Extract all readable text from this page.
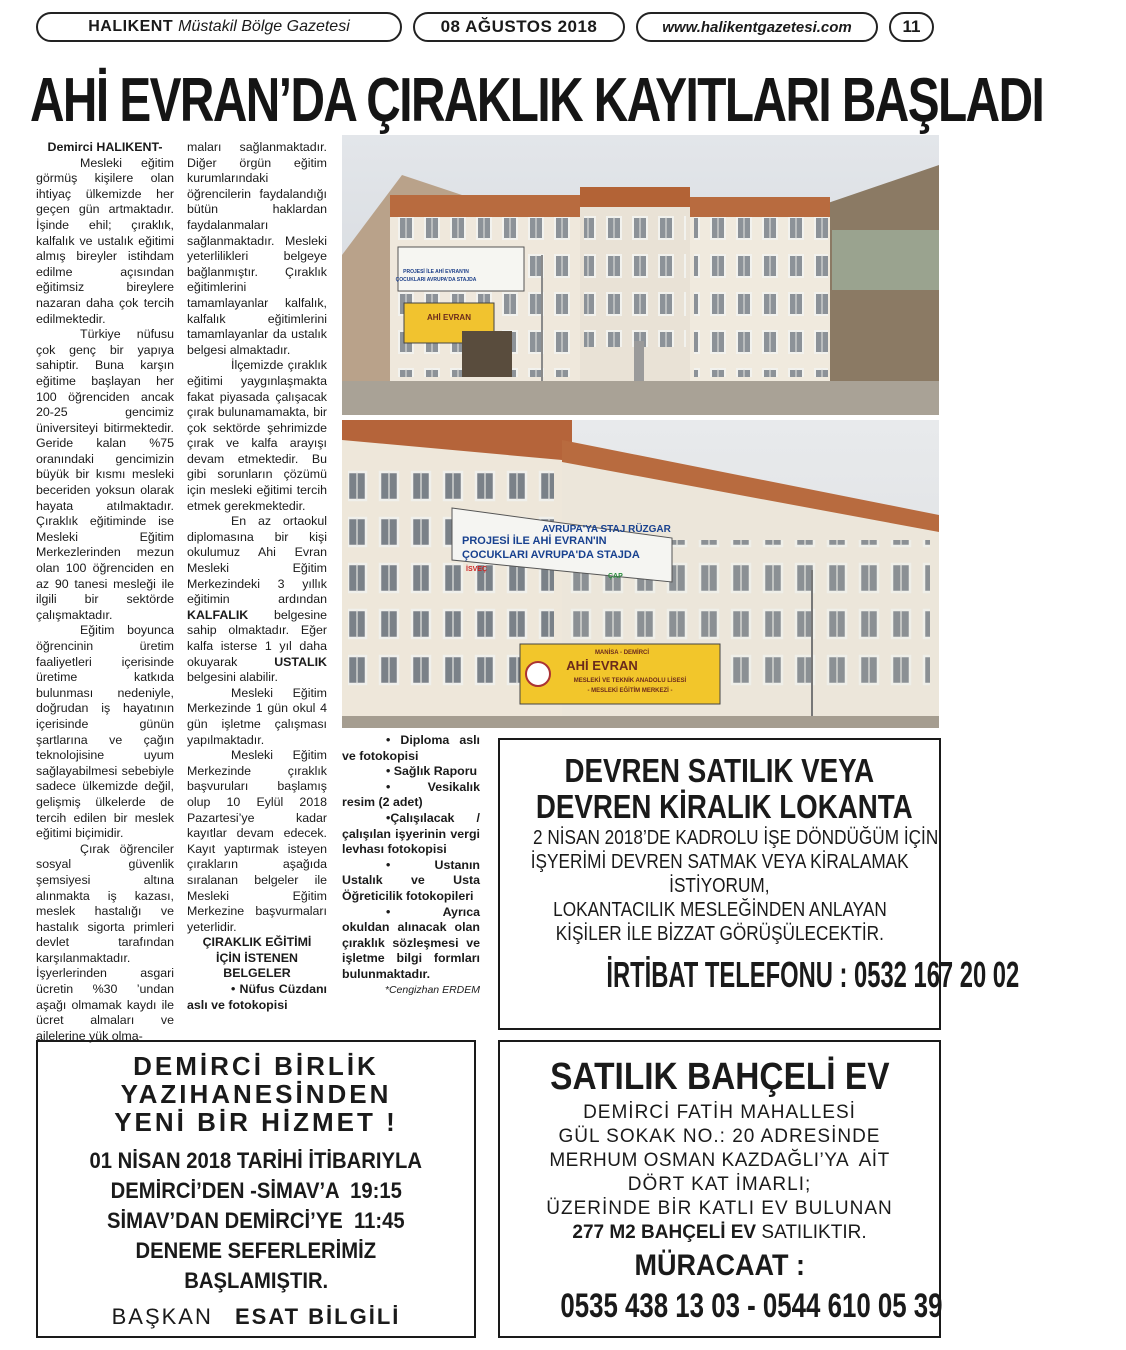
HALIKENT Müstakil Bölge Gazetesi	08 AĞUSTOS 2018	www.halikentgazetesi.com	11
AHİ EVRAN’DA ÇIRAKLIK KAYITLARI BAŞLADI

Demirci HALIKENT-

Mesleki eğitim görmüş kişilere olan ihtiyaç ülkemizde her geçen gün artmaktadır. İşinde ehil; çıraklık, kalfalık ve ustalık eğitimi almış bireyler istihdam edilme açısından eğitimsiz bireylere nazaran daha çok tercih edilmektedir.

Türkiye nüfusu çok genç bir yapıya sahiptir. Buna karşın eğitime başlayan her 100 öğrenciden ancak 20-25 gencimiz üniversiteyi bitirmektedir. Geride kalan %75 oranındaki gencimizin büyük bir kısmı mesleki beceriden yoksun olarak hayata atılmaktadır. Çıraklık eğitiminde ise Mesleki Eğitim Merkezlerinden mezun olan 100 öğrenciden en az 90 tanesi mesleği ile ilgili bir sektörde çalışmaktadır.

Eğitim boyunca öğrencinin üretim faaliyetleri içerisinde üretime katkıda bulunması nedeniyle, doğrudan iş hayatının içerisinde günün şartlarına ve çağın teknolojisine uyum sağlayabilmesi sebebiyle sadece ülkemizde değil, gelişmiş ülkelerde de tercih edilen bir meslek eğitimi biçimidir.

Çırak öğrenciler sosyal güvenlik şemsiyesi altına alınmakta iş kazası, meslek hastalığı ve hastalık sigorta primleri devlet tarafından karşılanmaktadır. İşyerlerinden asgari ücretin %30 ’undan aşağı olmamak kaydı ile ücret almaları ve ailelerine yük olma-

maları sağlanmaktadır. Diğer örgün eğitim kurumlarındaki öğrencilerin faydalandığı bütün haklardan faydalanmaları sağlanmaktadır. Mesleki yeterlilikleri belgeye bağlanmıştır. Çıraklık eğitimlerini tamamlayanlar kalfalık, kalfalık eğitimlerini tamamlayanlar da ustalık belgesi almaktadır.

İlçemizde çıraklık eğitimi yaygınlaşmakta fakat piyasada çalışacak çırak bulunamamakta, bir çok sektörde şehrimizde çırak ve kalfa arayışı devam etmektedir. Bu gibi sorunların çözümü için mesleki eğitimi tercih etmek gerekmektedir.

En az ortaokul diplomasına bir kişi okulumuz Ahi Evran Mesleki Eğitim Merkezindeki 3 yıllık eğitimin ardından KALFALIK belgesine sahip olmaktadır. Eğer kalfa isterse 1 yıl daha okuyarak	USTALIK belgesini alabilir.

Mesleki Eğitim Merkezinde 1 gün okul 4 gün işletme çalışması yapılmaktadır.

Mesleki Eğitim Merkezinde çıraklık başvuruları başlamış olup 10 Eylül 2018 Pazartesi’ye kadar kayıtlar devam edecek. Kayıt yaptırmak isteyen çırakların aşağıda sıralanan belgeler ile Mesleki Eğitim Merkezine başvurmaları yeterlidir.

ÇIRAKLIK EĞİTİMİ İÇİN İSTENEN BELGELER

• Nüfus Cüzdanı aslı ve fotokopisi

• Diploma aslı ve fotokopisi

• Sağlık Raporu

• Vesikalık resim (2 adet)

•Çalışılacak / çalışılan işyerinin vergi levhası fotokopisi

• Ustanın Ustalık ve Usta Öğreticilik fotokopileri

• Ayrıca okuldan alınacak olan çıraklık sözleşmesi ve işletme bilgi formları bulunmaktadır.

*Cengizhan ERDEM

PROJESİ İLE AHİ EVRAN'IN
ÇOCUKLARI AVRUPA'DA STAJDA
AHİ EVRAN
AVRUPA'YA STAJ RÜZGAR
PROJESİ İLE AHİ EVRAN'IN
ÇOCUKLARI AVRUPA'DA STAJDA
İSVEÇ
ÇAP
MANİSA - DEMİRCİ
AHİ EVRAN
MESLEKİ VE TEKNİK ANADOLU LİSESİ
- MESLEKİ EĞİTİM MERKEZİ -
DEVREN SATILIK VEYA
DEVREN KİRALIK LOKANTA
2 NİSAN 2018’DE KADROLU İŞE DÖNDÜĞÜM İÇİN
İŞYERİMİ DEVREN SATMAK VEYA KİRALAMAK
İSTİYORUM,
LOKANTACILIK MESLEĞİNDEN ANLAYAN
KİŞİLER İLE BİZZAT GÖRÜŞÜLECEKTİR.
İRTİBAT TELEFONU : 0532 167 20 02
DEMİRCİ BİRLİK
YAZIHANESİNDEN
YENİ BİR HİZMET !
01 NİSAN 2018 TARİHİ İTİBARIYLA
DEMİRCİ’DEN -SİMAV’A  19:15
SİMAV’DAN DEMİRCİ’YE  11:45
DENEME SEFERLERİMİZ
BAŞLAMIŞTIR.
BAŞKAN ESAT BİLGİLİ
SATILIK BAHÇELİ EV
DEMİRCİ FATİH MAHALLESİ
GÜL SOKAK NO.: 20 ADRESİNDE
MERHUM OSMAN KAZDAĞLI’YA  AİT
DÖRT KAT İMARLI;
ÜZERİNDE BİR KATLI EV BULUNAN
277 M2 BAHÇELİ EV SATILIKTIR.
MÜRACAAT :
0535 438 13 03 - 0544 610 05 39
